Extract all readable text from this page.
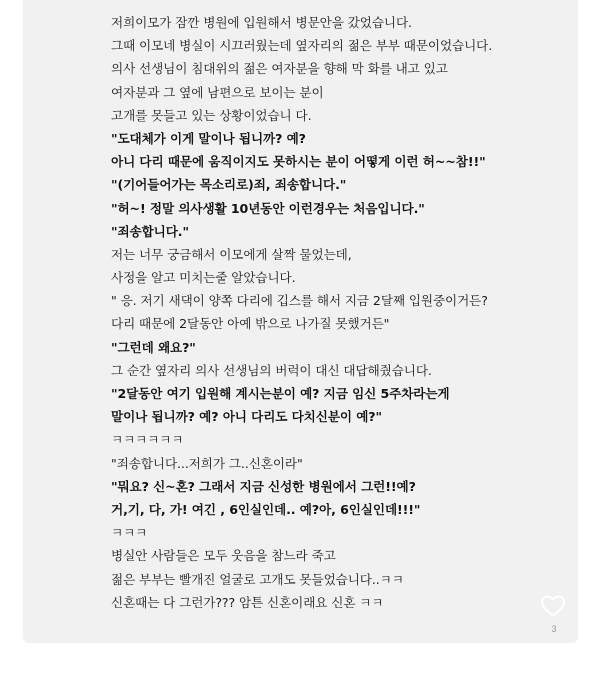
저희이모가 잠깐 병원에 입원해서 병문안을 갔었습니다.
그때 이모네 병실이 시끄러웠는데 옆자리의 젊은 부부 때문이었습니다.
의사 선생님이 침대위의 젊은 여자분을 향해 막 화를 내고 있고
여자분과 그 옆에 남편으로 보이는 분이
고개를 못들고 있는 상황이었습니 다.
"도대체가 이게 말이나 됩니까? 예?
아니 다리 때문에 움직이지도 못하시는 분이 어떻게 이런 허~~참!!"
"(기어들어가는 목소리로)죄, 죄송합니다."
"허~! 정말 의사생활 10년동안 이런경우는 처음입니다."
"죄송합니다."
저는 너무 궁금해서 이모에게 살짝 물었는데,
사정을 알고 미치는줄 알았습니다.
" 응. 저기 새댁이 양쪽 다리에 깁스를 해서 지금 2달째 입원중이거든?
다리 때문에 2달동안 아예 밖으로 나가질 못했거든"
"그런데 왜요?"
그 순간 옆자리 의사 선생님의 버럭이 대신 대답해줬습니다.
"2달동안 여기 입원해 계시는분이 예? 지금 임신 5주차라는게
말이나 됩니까? 예? 아니 다리도 다치신분이 예?"
ㅋㅋㅋㅋㅋㅋ
"죄송합니다...저희가 그..신혼이라"
"뭐요? 신~혼? 그래서 지금 신성한 병원에서 그런!!예?
거,기, 다, 가! 여긴 , 6인실인데.. 예?아, 6인실인데!!!"
ㅋㅋㅋ
병실안 사람들은 모두 웃음을 참느라 죽고
젊은 부부는 빨개진 얼굴로 고개도 못들었습니다..ㅋㅋ
신혼때는 다 그런가??? 암튼 신혼이래요 신혼 ㅋㅋ
3
